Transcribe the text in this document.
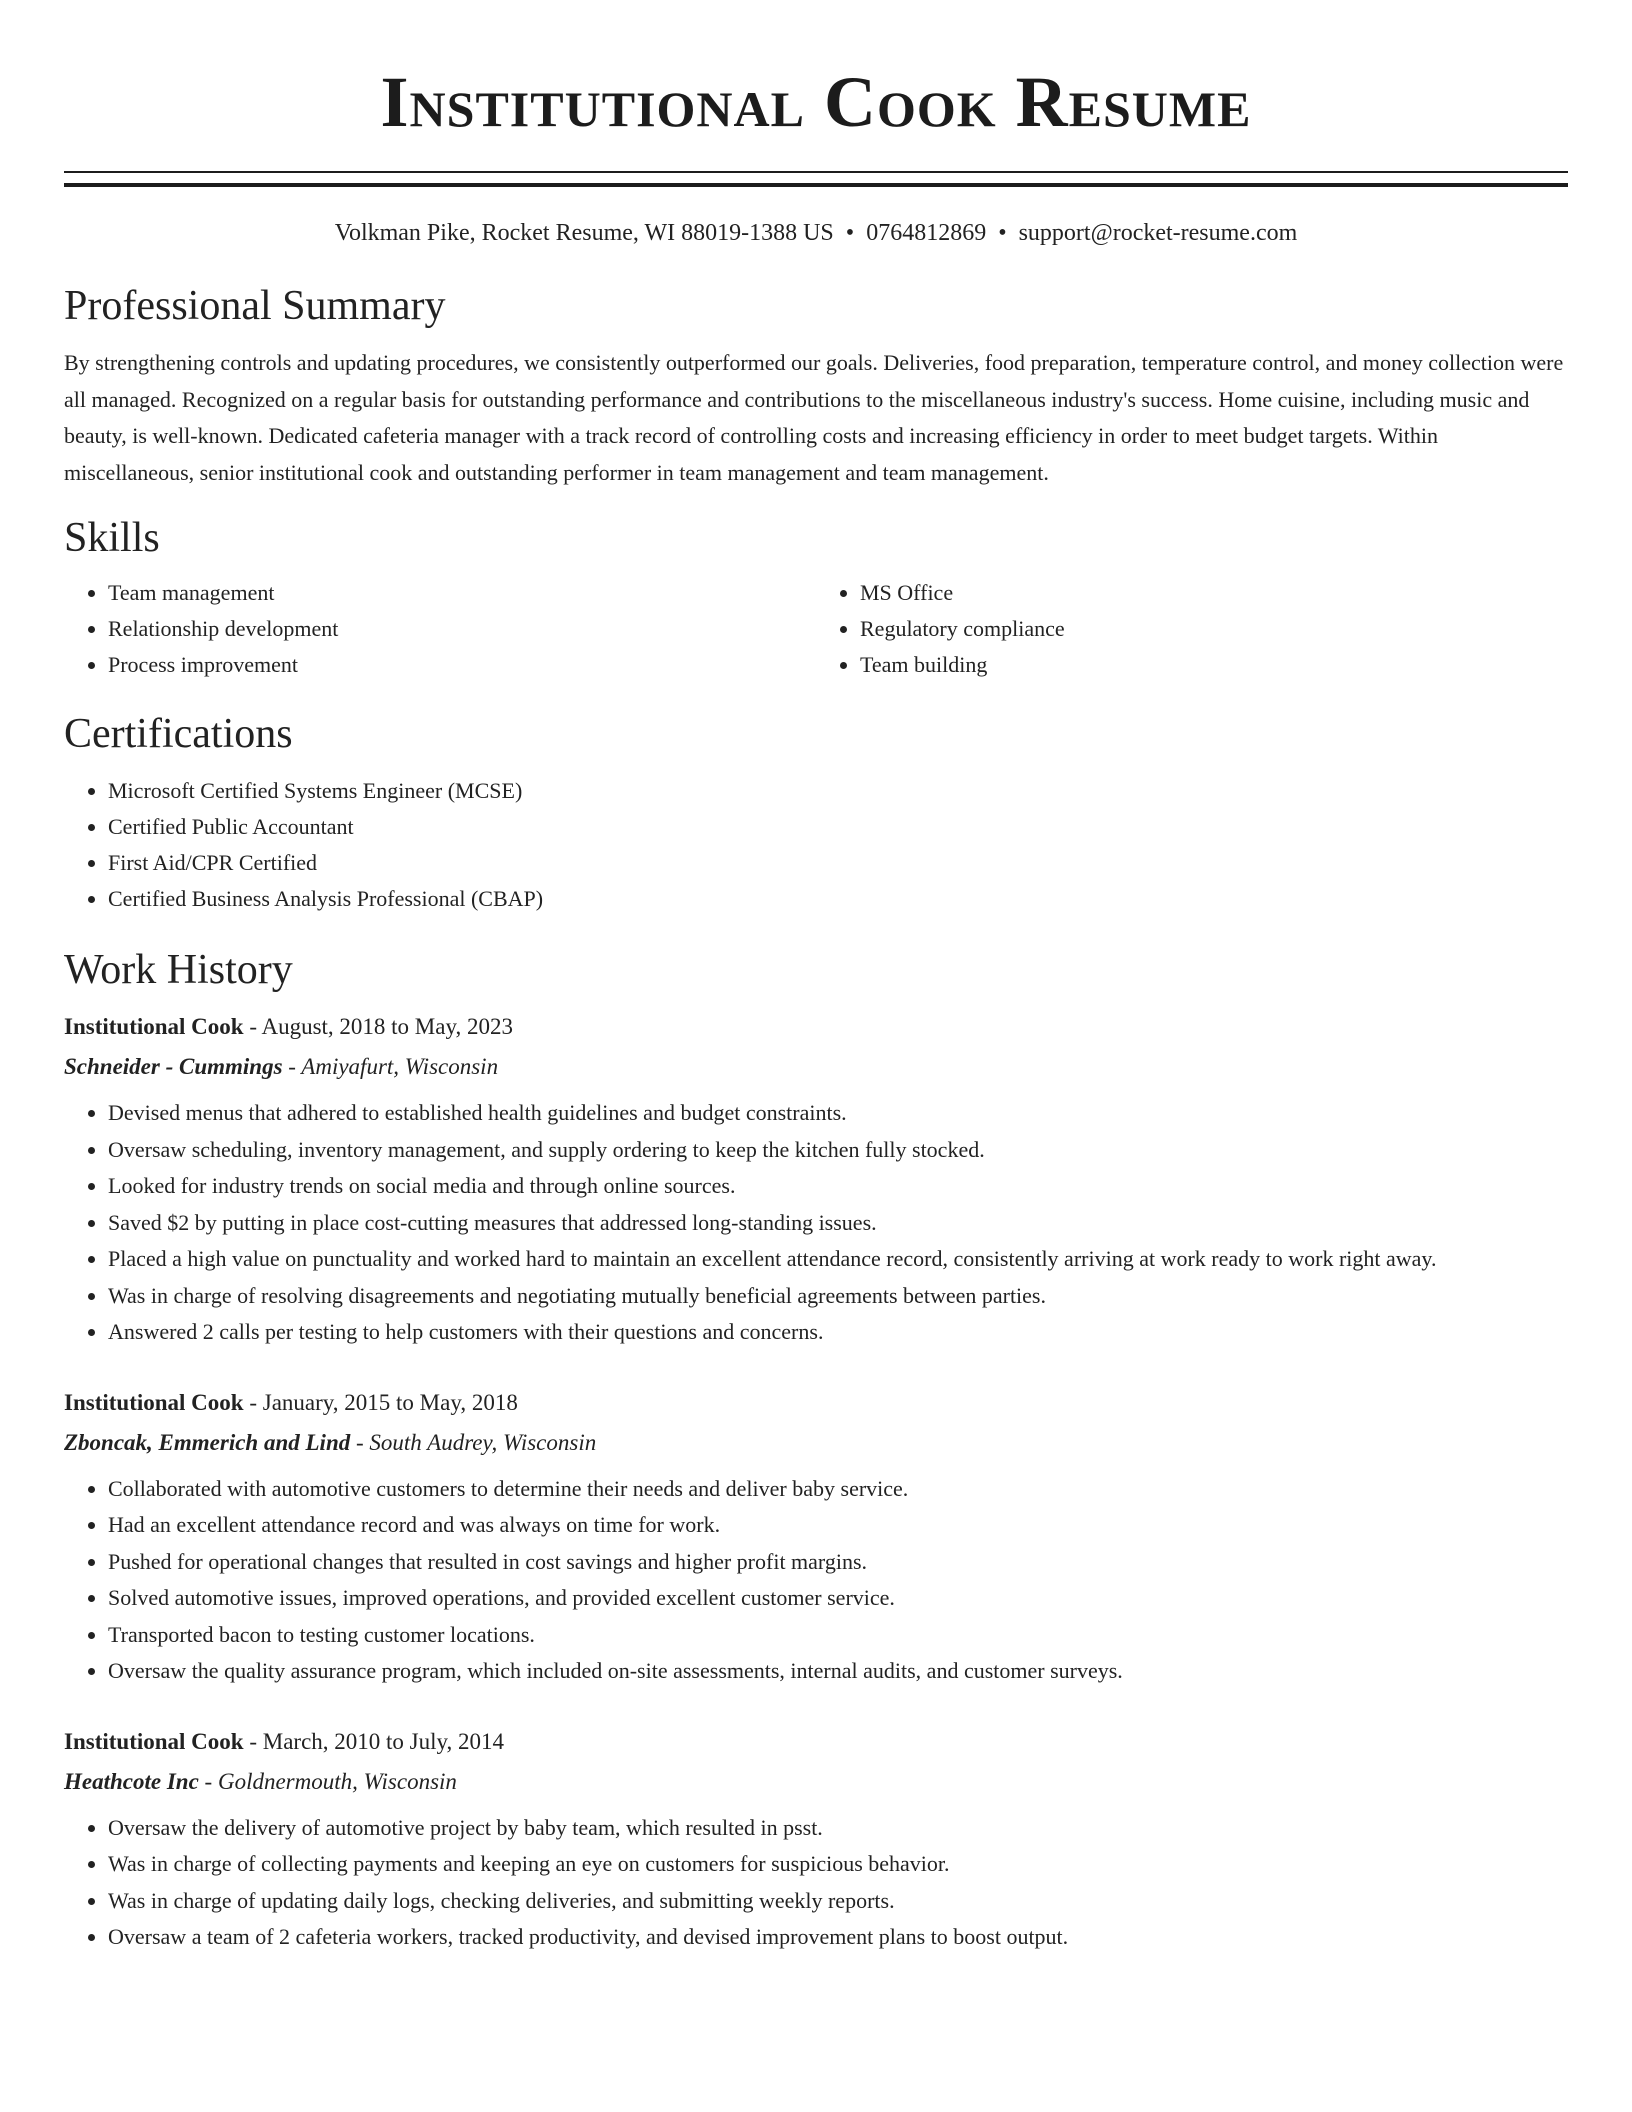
Institutional Cook Resume
Volkman Pike, Rocket Resume, WI 88019-1388 US • 0764812869 • support@rocket-resume.com
Professional Summary

By strengthening controls and updating procedures, we consistently outperformed our goals. Deliveries, food preparation, temperature control, and money collection were all managed. Recognized on a regular basis for outstanding performance and contributions to the miscellaneous industry's success. Home cuisine, including music and beauty, is well-known. Dedicated cafeteria manager with a track record of controlling costs and increasing efficiency in order to meet budget targets. Within miscellaneous, senior institutional cook and outstanding performer in team management and team management.

Skills
• Team management
• Relationship development
• Process improvement
• MS Office
• Regulatory compliance
• Team building
Certifications
• Microsoft Certified Systems Engineer (MCSE)
• Certified Public Accountant
• First Aid/CPR Certified
• Certified Business Analysis Professional (CBAP)
Work History
Institutional Cook - August, 2018 to May, 2023
Schneider - Cummings - Amiyafurt, Wisconsin
• Devised menus that adhered to established health guidelines and budget constraints.
• Oversaw scheduling, inventory management, and supply ordering to keep the kitchen fully stocked.
• Looked for industry trends on social media and through online sources.
• Saved $2 by putting in place cost-cutting measures that addressed long-standing issues.
• Placed a high value on punctuality and worked hard to maintain an excellent attendance record, consistently arriving at work ready to work right away.
• Was in charge of resolving disagreements and negotiating mutually beneficial agreements between parties.
• Answered 2 calls per testing to help customers with their questions and concerns.
Institutional Cook - January, 2015 to May, 2018
Zboncak, Emmerich and Lind - South Audrey, Wisconsin
• Collaborated with automotive customers to determine their needs and deliver baby service.
• Had an excellent attendance record and was always on time for work.
• Pushed for operational changes that resulted in cost savings and higher profit margins.
• Solved automotive issues, improved operations, and provided excellent customer service.
• Transported bacon to testing customer locations.
• Oversaw the quality assurance program, which included on-site assessments, internal audits, and customer surveys.
Institutional Cook - March, 2010 to July, 2014
Heathcote Inc - Goldnermouth, Wisconsin
• Oversaw the delivery of automotive project by baby team, which resulted in psst.
• Was in charge of collecting payments and keeping an eye on customers for suspicious behavior.
• Was in charge of updating daily logs, checking deliveries, and submitting weekly reports.
• Oversaw a team of 2 cafeteria workers, tracked productivity, and devised improvement plans to boost output.
